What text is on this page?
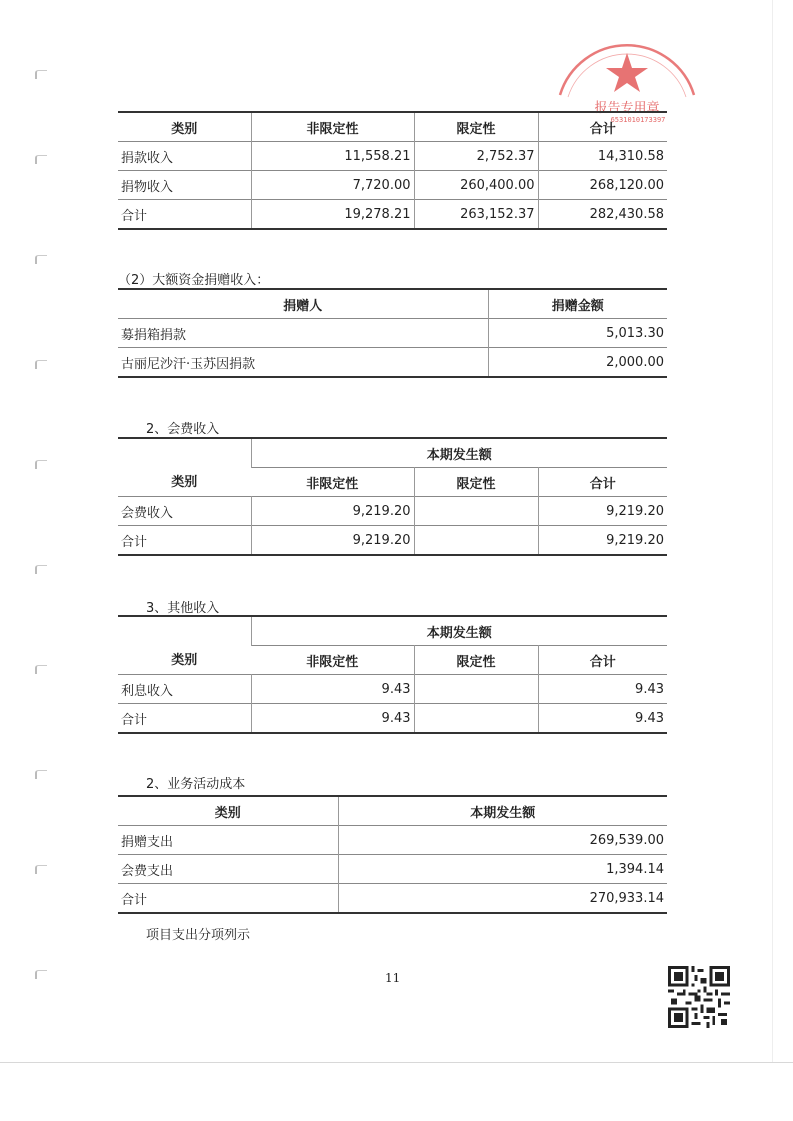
报告专用章
6531010173397
类别	非限定性	限定性	合计
捐款收入	11,558.21	2,752.37	14,310.58
捐物收入	7,720.00	260,400.00	268,120.00
合计	19,278.21	263,152.37	282,430.58
（2）大额资金捐赠收入：
捐赠人	捐赠金额
募捐箱捐款	5,013.30
古丽尼沙汗·玉苏因捐款	2,000.00
2、会费收入
类别	本期发生额		
	非限定性	限定性	合计
会费收入	9,219.20		9,219.20
合计	9,219.20		9,219.20
3、其他收入
类别	本期发生额		
	非限定性	限定性	合计
利息收入	9.43		9.43
合计	9.43		9.43
2、业务活动成本
类别	本期发生额
捐赠支出	269,539.00
会费支出	1,394.14
合计	270,933.14
项目支出分项列示
11
